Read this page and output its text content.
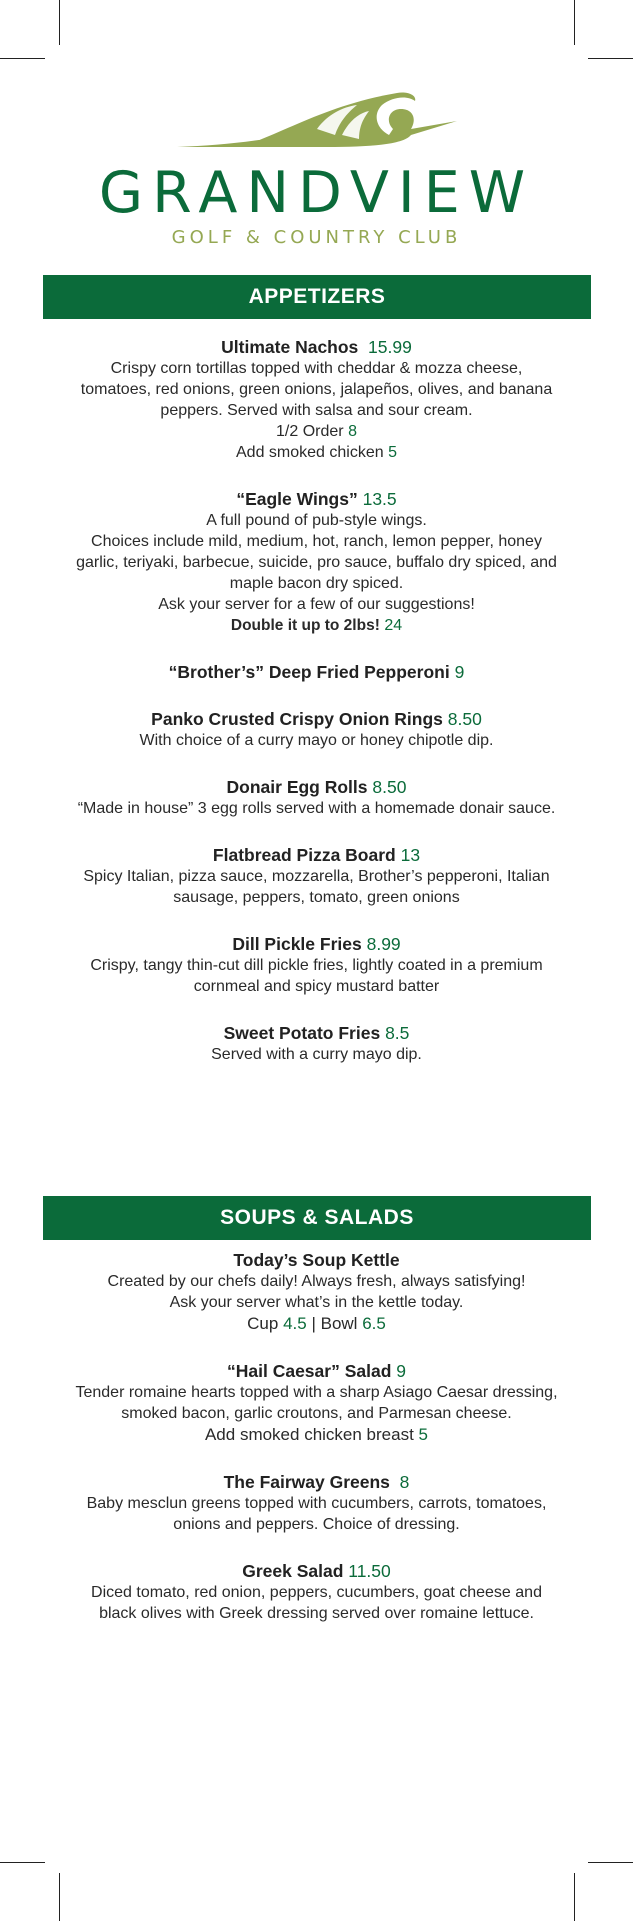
GRANDVIEW
GOLF & COUNTRY CLUB
APPETIZERS
Ultimate Nachos 15.99
Crispy corn tortillas topped with cheddar & mozza cheese, tomatoes, red onions, green onions, jalapeños, olives, and banana peppers. Served with salsa and sour cream.
1/2 Order 8
Add smoked chicken 5
“Eagle Wings” 13.5
A full pound of pub-style wings.
Choices include mild, medium, hot, ranch, lemon pepper, honey garlic, teriyaki, barbecue, suicide, pro sauce, buffalo dry spiced, and maple bacon dry spiced.
Ask your server for a few of our suggestions!
Double it up to 2lbs! 24
“Brother’s” Deep Fried Pepperoni 9
Panko Crusted Crispy Onion Rings 8.50
With choice of a curry mayo or honey chipotle dip.
Donair Egg Rolls 8.50
“Made in house” 3 egg rolls served with a homemade donair sauce.
Flatbread Pizza Board 13
Spicy Italian, pizza sauce, mozzarella, Brother’s pepperoni, Italian sausage, peppers, tomato, green onions
Dill Pickle Fries 8.99
Crispy, tangy thin-cut dill pickle fries, lightly coated in a premium cornmeal and spicy mustard batter
Sweet Potato Fries 8.5
Served with a curry mayo dip.
SOUPS & SALADS
Today’s Soup Kettle
Created by our chefs daily! Always fresh, always satisfying!
Ask your server what’s in the kettle today.
Cup 4.5 | Bowl 6.5
“Hail Caesar” Salad 9
Tender romaine hearts topped with a sharp Asiago Caesar dressing, smoked bacon, garlic croutons, and Parmesan cheese.
Add smoked chicken breast 5
The Fairway Greens 8
Baby mesclun greens topped with cucumbers, carrots, tomatoes, onions and peppers. Choice of dressing.
Greek Salad 11.50
Diced tomato, red onion, peppers, cucumbers, goat cheese and black olives with Greek dressing served over romaine lettuce.
